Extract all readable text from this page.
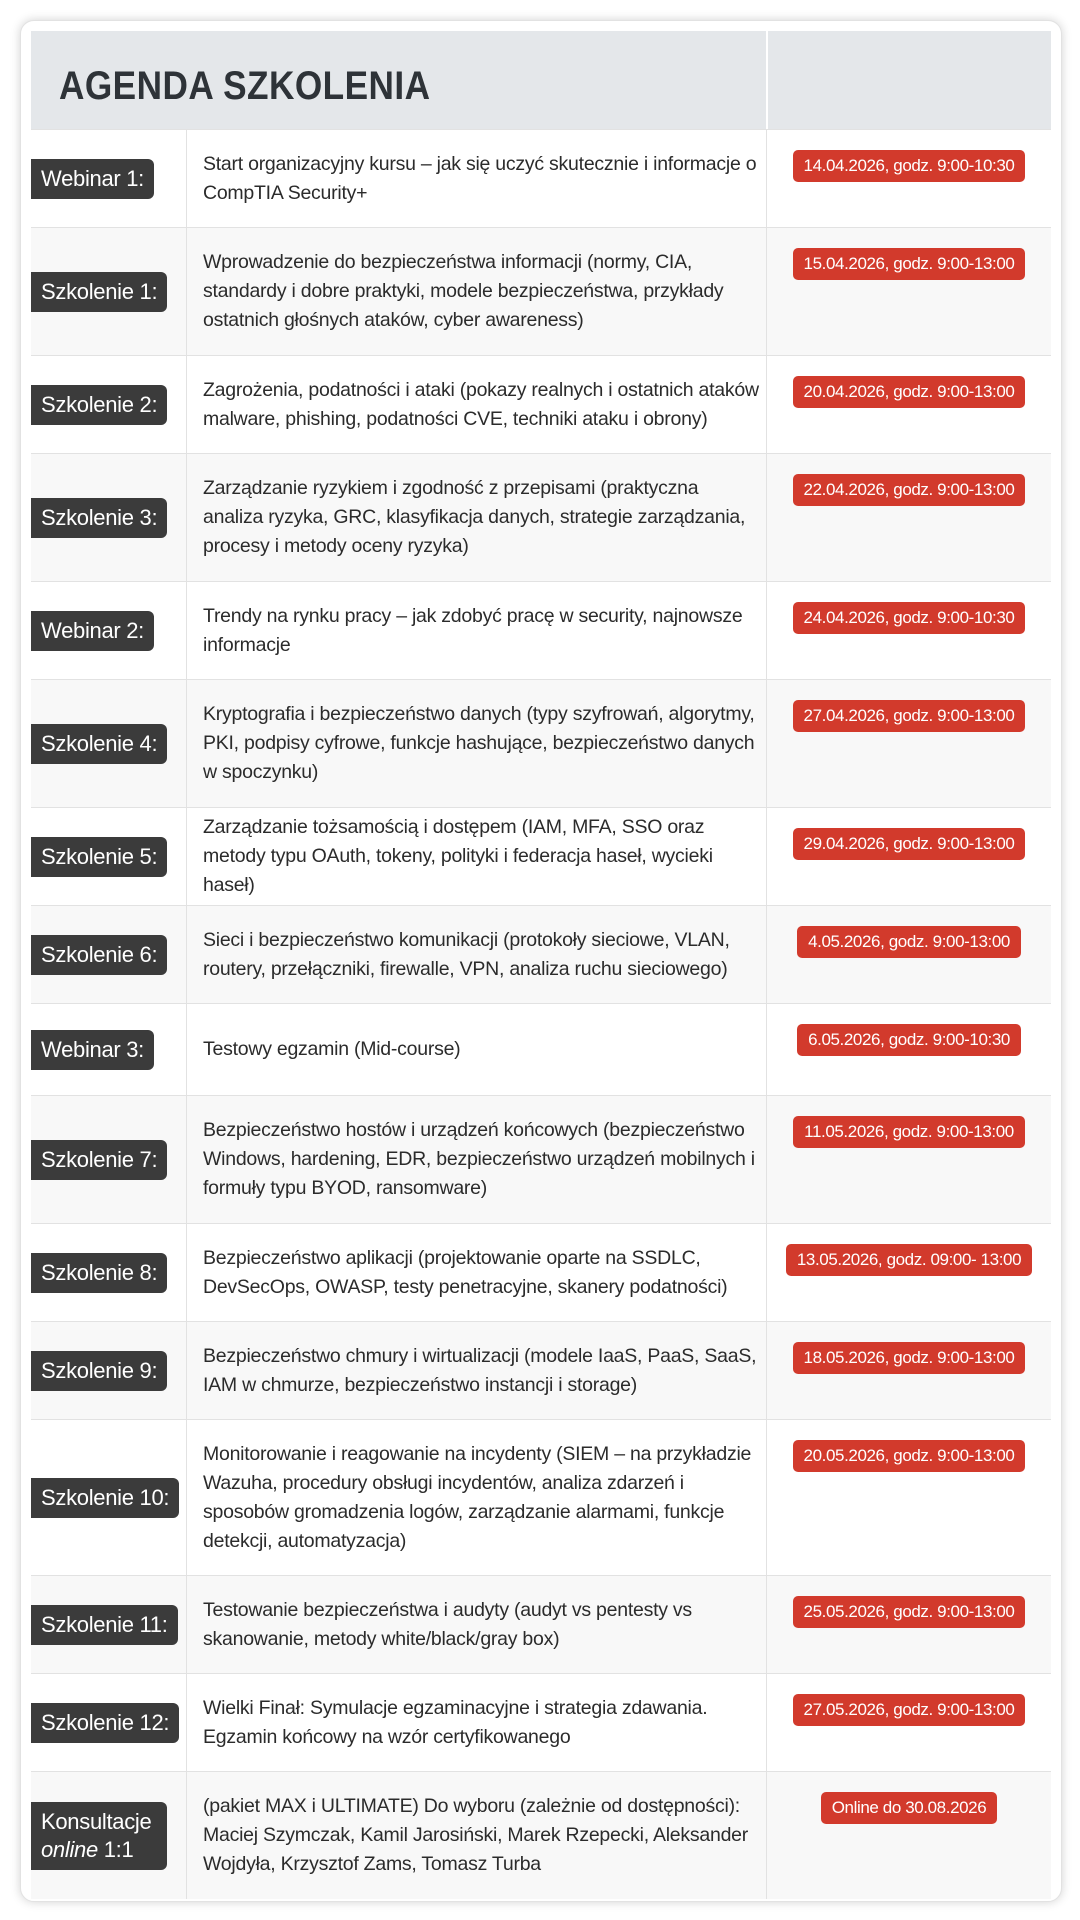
AGENDA SZKOLENIA
Webinar 1:
Start organizacyjny kursu – jak się uczyć skutecznie i informacje o CompTIA Security+
14.04.2026, godz. 9:00-10:30
Szkolenie 1:
Wprowadzenie do bezpieczeństwa informacji (normy, CIA, standardy i dobre praktyki, modele bezpieczeństwa, przykłady ostatnich głośnych ataków, cyber awareness)
15.04.2026, godz. 9:00-13:00
Szkolenie 2:
Zagrożenia, podatności i ataki (pokazy realnych i ostatnich ataków malware, phishing, podatności CVE, techniki ataku i obrony)
20.04.2026, godz. 9:00-13:00
Szkolenie 3:
Zarządzanie ryzykiem i zgodność z przepisami (praktyczna analiza ryzyka, GRC, klasyfikacja danych, strategie zarządzania, procesy i metody oceny ryzyka)
22.04.2026, godz. 9:00-13:00
Webinar 2:
Trendy na rynku pracy – jak zdobyć pracę w security, najnowsze informacje
24.04.2026, godz. 9:00-10:30
Szkolenie 4:
Kryptografia i bezpieczeństwo danych (typy szyfrowań, algorytmy, PKI, podpisy cyfrowe, funkcje hashujące, bezpieczeństwo danych w spoczynku)
27.04.2026, godz. 9:00-13:00
Szkolenie 5:
Zarządzanie tożsamością i dostępem (IAM, MFA, SSO oraz metody typu OAuth, tokeny, polityki i federacja haseł, wycieki haseł)
29.04.2026, godz. 9:00-13:00
Szkolenie 6:
Sieci i bezpieczeństwo komunikacji (protokoły sieciowe, VLAN, routery, przełączniki, firewalle, VPN, analiza ruchu sieciowego)
4.05.2026, godz. 9:00-13:00
Webinar 3:	Testowy egzamin (Mid-course)	6.05.2026, godz. 9:00-10:30
Szkolenie 7:
Bezpieczeństwo hostów i urządzeń końcowych (bezpieczeństwo Windows, hardening, EDR, bezpieczeństwo urządzeń mobilnych i formuły typu BYOD, ransomware)
11.05.2026, godz. 9:00-13:00
Szkolenie 8:
Bezpieczeństwo aplikacji (projektowanie oparte na SSDLC, DevSecOps, OWASP, testy penetracyjne, skanery podatności)
13.05.2026, godz. 09:00- 13:00
Szkolenie 9:
Bezpieczeństwo chmury i wirtualizacji (modele IaaS, PaaS, SaaS, IAM w chmurze, bezpieczeństwo instancji i storage)
18.05.2026, godz. 9:00-13:00
Szkolenie 10:
Monitorowanie i reagowanie na incydenty (SIEM – na przykładzie Wazuha, procedury obsługi incydentów, analiza zdarzeń i sposobów gromadzenia logów, zarządzanie alarmami, funkcje detekcji, automatyzacja)
20.05.2026, godz. 9:00-13:00
Szkolenie 11:
Testowanie bezpieczeństwa i audyty (audyt vs pentesty vs skanowanie, metody white/black/gray box)
25.05.2026, godz. 9:00-13:00
Szkolenie 12:
Wielki Finał: Symulacje egzaminacyjne i strategia zdawania. Egzamin końcowy na wzór certyfikowanego
27.05.2026, godz. 9:00-13:00
Konsultacje
online 1:1
(pakiet MAX i ULTIMATE) Do wyboru (zależnie od dostępności): Maciej Szymczak, Kamil Jarosiński, Marek Rzepecki, Aleksander Wojdyła, Krzysztof Zams, Tomasz Turba
Online do 30.08.2026
